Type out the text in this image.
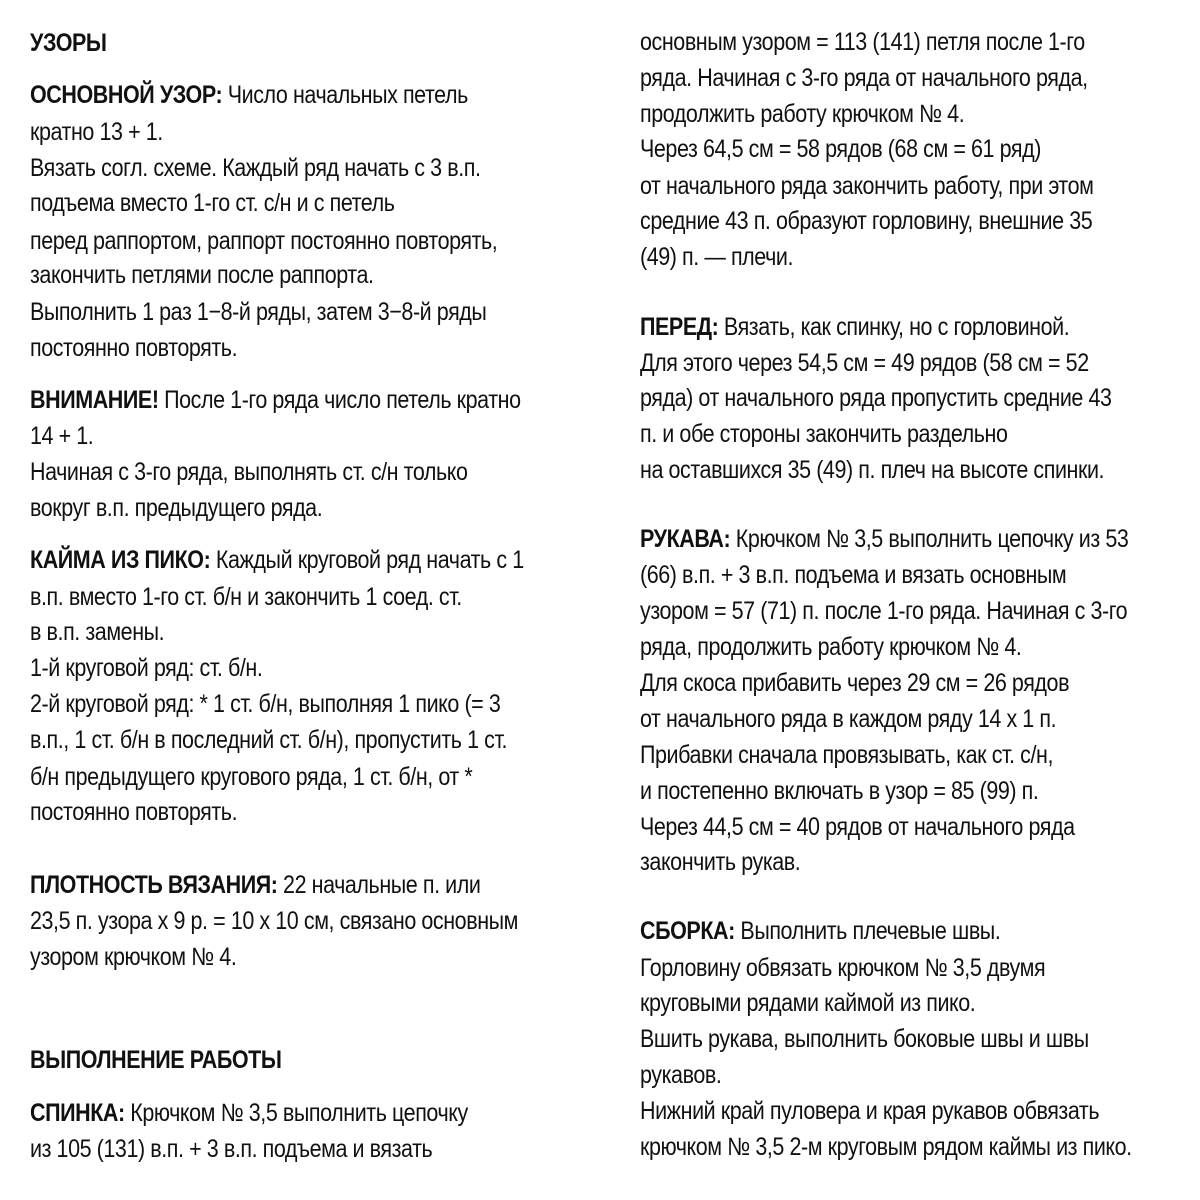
УЗОРЫ
ОСНОВНОЙ УЗОР: Число начальных петель
кратно 13 + 1.
Вязать согл. схеме. Каждый ряд начать с 3 в.п.
подъема вместо 1-го ст. с/н и с петель
перед раппортом, раппорт постоянно повторять,
закончить петлями после раппорта.
Выполнить 1 раз 1−8-й ряды, затем 3−8-й ряды
постоянно повторять.
ВНИМАНИЕ! После 1-го ряда число петель кратно
14 + 1.
Начиная с 3-го ряда, выполнять ст. с/н только
вокруг в.п. предыдущего ряда.
КАЙМА ИЗ ПИКО: Каждый круговой ряд начать с 1
в.п. вместо 1-го ст. б/н и закончить 1 соед. ст.
в в.п. замены.
1-й круговой ряд: ст. б/н.
2-й круговой ряд: * 1 ст. б/н, выполняя 1 пико (= 3
в.п., 1 ст. б/н в последний ст. б/н), пропустить 1 ст.
б/н предыдущего кругового ряда, 1 ст. б/н, от *
постоянно повторять.
ПЛОТНОСТЬ ВЯЗАНИЯ: 22 начальные п. или
23,5 п. узора х 9 р. = 10 х 10 см, связано основным
узором крючком № 4.
ВЫПОЛНЕНИЕ РАБОТЫ
СПИНКА: Крючком № 3,5 выполнить цепочку
из 105 (131) в.п. + 3 в.п. подъема и вязать
основным узором = 113 (141) петля после 1-го
ряда. Начиная с 3-го ряда от начального ряда,
продолжить работу крючком № 4.
Через 64,5 см = 58 рядов (68 см = 61 ряд)
от начального ряда закончить работу, при этом
средние 43 п. образуют горловину, внешние 35
(49) п. — плечи.
ПЕРЕД: Вязать, как спинку, но с горловиной.
Для этого через 54,5 см = 49 рядов (58 см = 52
ряда) от начального ряда пропустить средние 43
п. и обе стороны закончить раздельно
на оставшихся 35 (49) п. плеч на высоте спинки.
РУКАВА: Крючком № 3,5 выполнить цепочку из 53
(66) в.п. + 3 в.п. подъема и вязать основным
узором = 57 (71) п. после 1-го ряда. Начиная с 3-го
ряда, продолжить работу крючком № 4.
Для скоса прибавить через 29 см = 26 рядов
от начального ряда в каждом ряду 14 х 1 п.
Прибавки сначала провязывать, как ст. с/н,
и постепенно включать в узор = 85 (99) п.
Через 44,5 см = 40 рядов от начального ряда
закончить рукав.
СБОРКА: Выполнить плечевые швы.
Горловину обвязать крючком № 3,5 двумя
круговыми рядами каймой из пико.
Вшить рукава, выполнить боковые швы и швы
рукавов.
Нижний край пуловера и края рукавов обвязать
крючком № 3,5 2-м круговым рядом каймы из пико.
